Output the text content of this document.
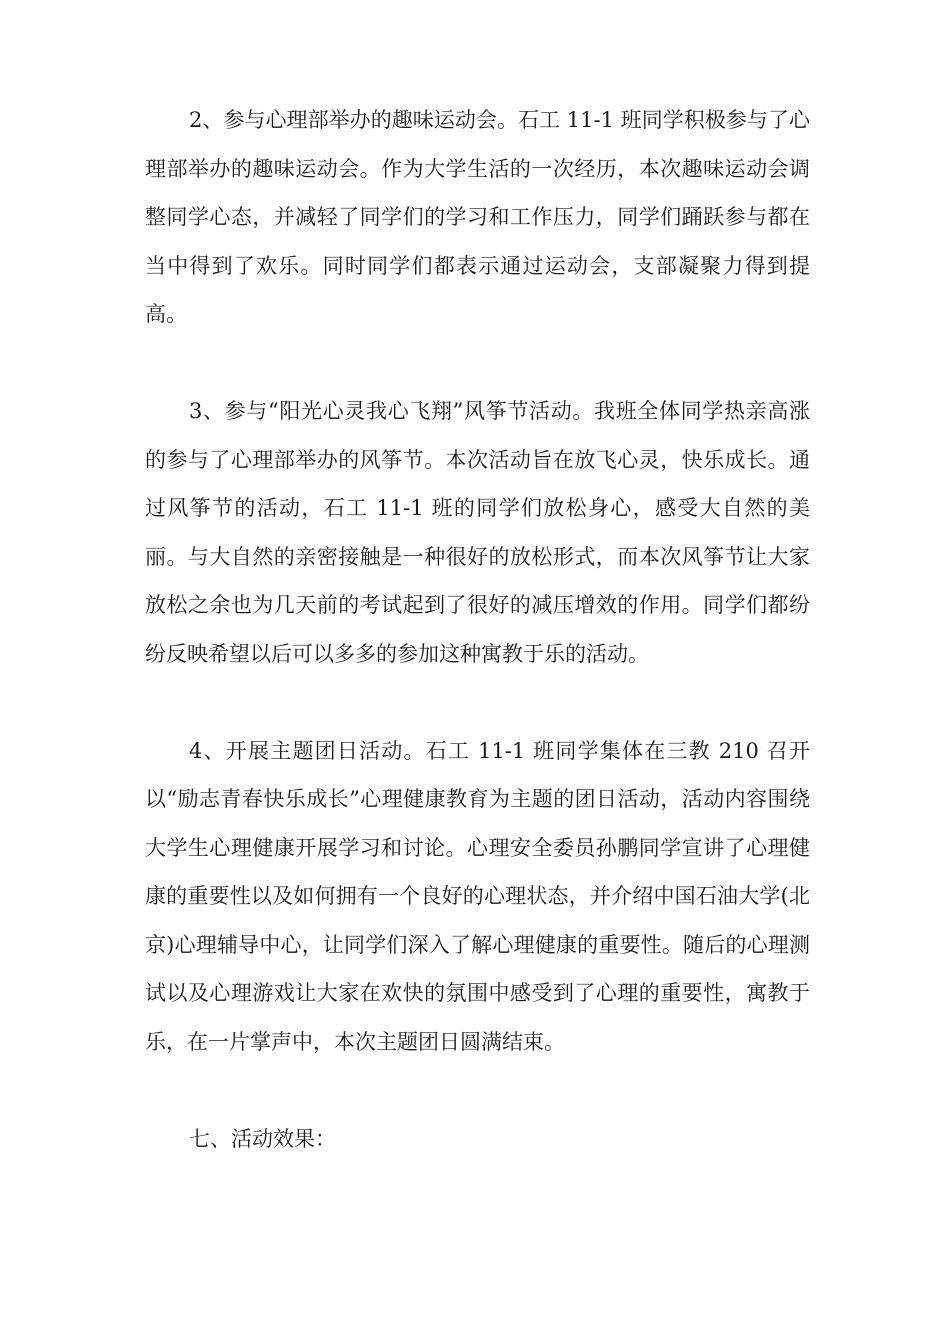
2、参与心理部举办的趣味运动会。石工 11-1 班同学积极参与了心理部举办的趣味运动会。作为大学生活的一次经历，本次趣味运动会调整同学心态，并减轻了同学们的学习和工作压力，同学们踊跃参与都在当中得到了欢乐。同时同学们都表示通过运动会，支部凝聚力得到提高。

3、参与“阳光心灵我心飞翔”风筝节活动。我班全体同学热亲高涨的参与了心理部举办的风筝节。本次活动旨在放飞心灵，快乐成长。通过风筝节的活动，石工 11-1 班的同学们放松身心，感受大自然的美丽。与大自然的亲密接触是一种很好的放松形式，而本次风筝节让大家放松之余也为几天前的考试起到了很好的减压增效的作用。同学们都纷纷反映希望以后可以多多的参加这种寓教于乐的活动。

4、开展主题团日活动。石工 11-1 班同学集体在三教 210 召开以“励志青春快乐成长”心理健康教育为主题的团日活动，活动内容围绕大学生心理健康开展学习和讨论。心理安全委员孙鹏同学宣讲了心理健康的重要性以及如何拥有一个良好的心理状态，并介绍中国石油大学(北京)心理辅导中心，让同学们深入了解心理健康的重要性。随后的心理测试以及心理游戏让大家在欢快的氛围中感受到了心理的重要性，寓教于乐，在一片掌声中，本次主题团日圆满结束。

七、活动效果：
